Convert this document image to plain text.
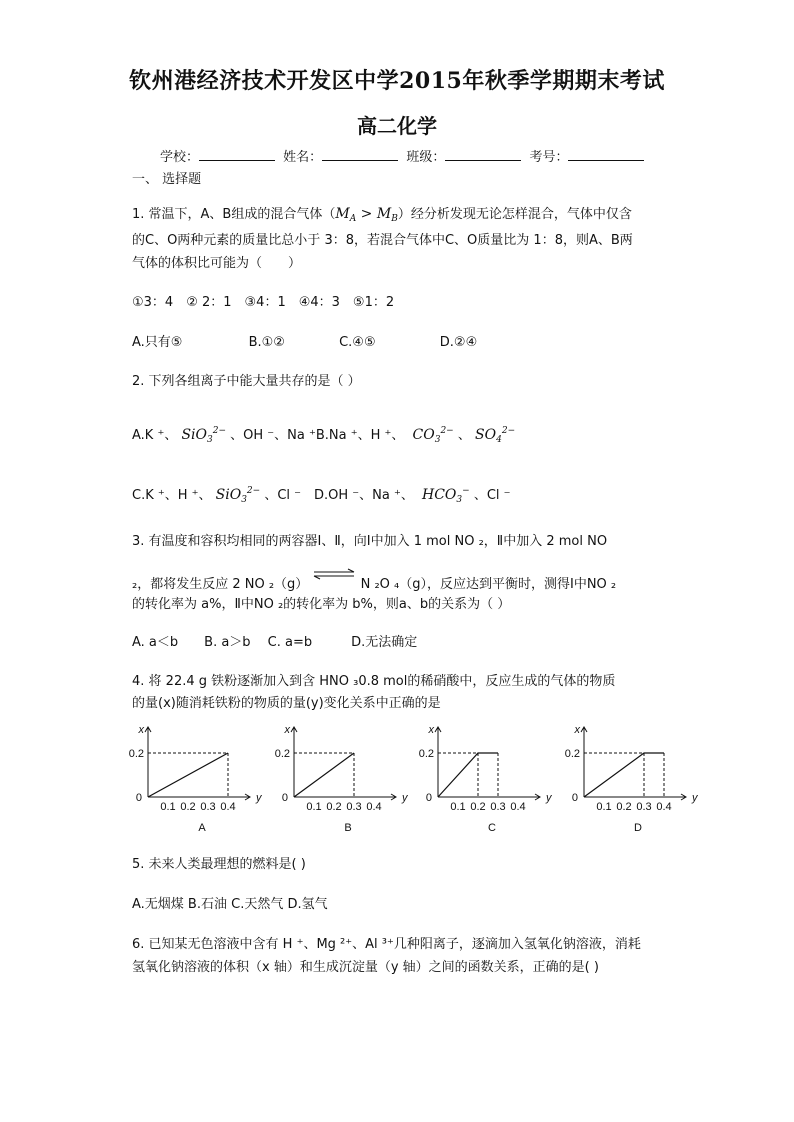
钦州港经济技术开发区中学2015年秋季学期期末考试
高二化学
学校：	姓名：	班级：	考号：
一、 选择题
1. 常温下，A、B组成的混合气体$(M_A > M_B)$经分析发现无论怎样混合，气体中仅含
的C、O两种元素的质量比总小于 3：8，若混合气体中C、O质量比为 1：8，则A、B两
气体的体积比可能为（　　）
①3：4　② 2：1　③4：1　④4：3　⑤1：2
A.只有⑤	B.①②	C.④⑤	D.②④
2. 下列各组离子中能大量共存的是（ ）
A.K ⁺、 SiO$_3^{2-}$ 、OH ⁻、Na ⁺B.Na ⁺、H ⁺、 $CO_3^{2-}$ 、 $SO_4^{2-}$
C.K ⁺、H ⁺、 SiO$_3^{2-}$ 、Cl ⁻　D.OH ⁻、Na ⁺、 $HCO_3^-$ 、Cl ⁻
3. 有温度和容积均相同的两容器Ⅰ、Ⅱ，向Ⅰ中加入 1 mol NO ₂，Ⅱ中加入 2 mol NO
₂，都将发生反应 2 NO ₂（g）	N ₂O ₄（g），反应达到平衡时，测得Ⅰ中NO ₂
的转化率为 a%，Ⅱ中NO ₂的转化率为 b%，则a、b的关系为（ ）
A. a＜b　　B. a＞b　 C. a=b　　　D.无法确定
4. 将 22.4 g 铁粉逐渐加入到含 HNO ₃0.8 mol的稀硝酸中，反应生成的气体的物质
的量(x)随消耗铁粉的物质的量(y)变化关系中正确的是
x
y
0
0.2
0.1 0.2 0.3 0.4
A
x
y
0
0.2
0.1 0.2 0.3 0.4
B
x
y
0
0.2
0.1 0.2 0.3 0.4
C
x
y
0
0.2
0.1 0.2 0.3 0.4
D
5. 未来人类最理想的燃料是( )
A.无烟煤 B.石油 C.天然气 D.氢气
6. 已知某无色溶液中含有 H ⁺、Mg ²⁺、Al ³⁺几种阳离子，逐滴加入氢氧化钠溶液，消耗
氢氧化钠溶液的体积（x 轴）和生成沉淀量（y 轴）之间的函数关系，正确的是( )
